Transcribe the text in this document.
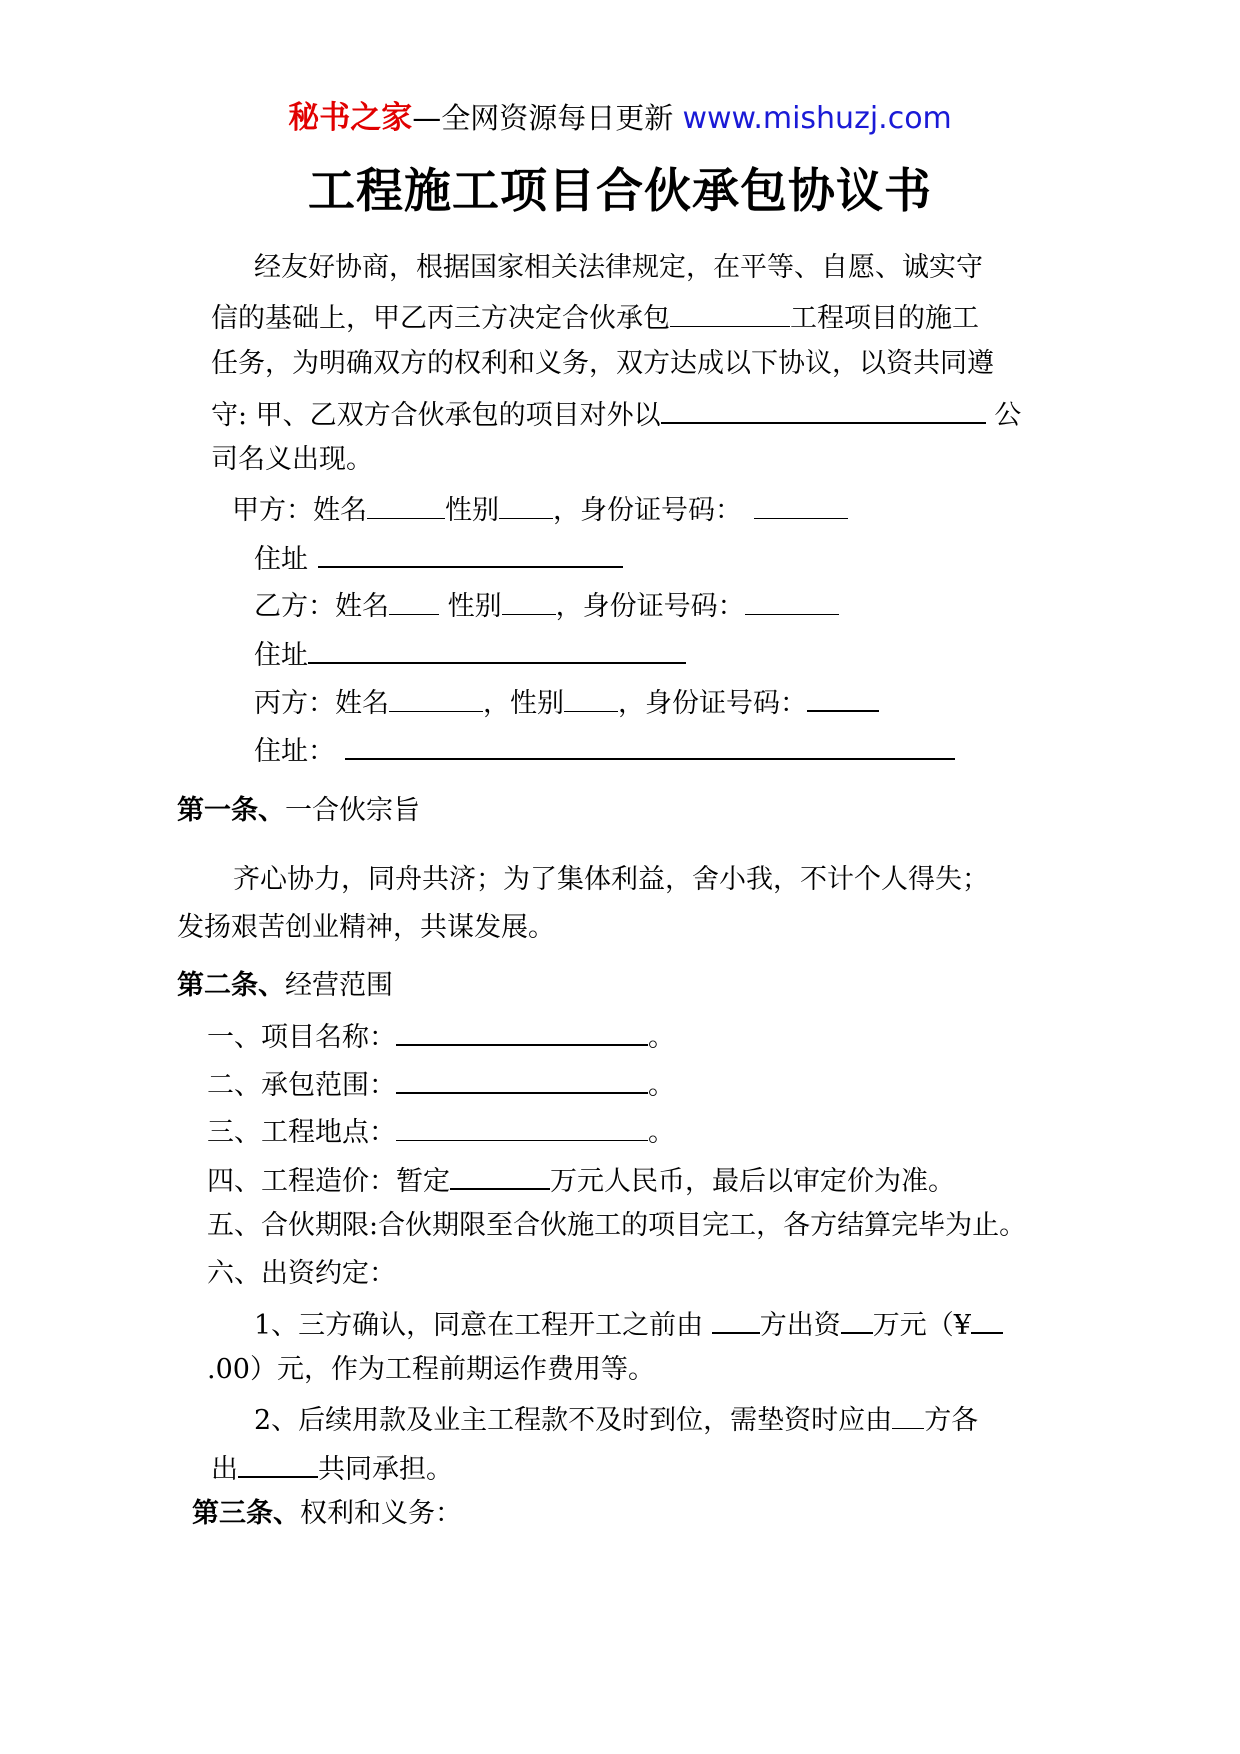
秘书之家—全网资源每日更新 www.mishuzj.com
工程施工项目合伙承包协议书
经友好协商，根据国家相关法律规定，在平等、自愿、诚实守
信的基础上，甲乙丙三方决定合伙承包	工程项目的施工
任务，为明确双方的权利和义务，双方达成以下协议，以资共同遵
守: 甲、乙双方合伙承包的项目对外以	公
司名义出现。
甲方：姓名	性别 ，身份证号码：
住址
乙方：姓名 性别 ，身份证号码：
住址
丙方：姓名	，性别 ，身份证号码：
住址：
第一条、一合伙宗旨
齐心协力，同舟共济；为了集体利益，舍小我，不计个人得失；
发扬艰苦创业精神，共谋发展。
第二条、经营范围
一、项目名称：	。
二、承包范围：	。
三、工程地点：	。
四、工程造价：暂定	万元人民币，最后以审定价为准。
五、合伙期限:合伙期限至合伙施工的项目完工，各方结算完毕为止。
六、出资约定：
1、三方确认，同意在工程开工之前由 方出资 万元（¥
.00）元，作为工程前期运作费用等。
2、后续用款及业主工程款不及时到位，需垫资时应由 方各
出	共同承担。
第三条、权利和义务：
